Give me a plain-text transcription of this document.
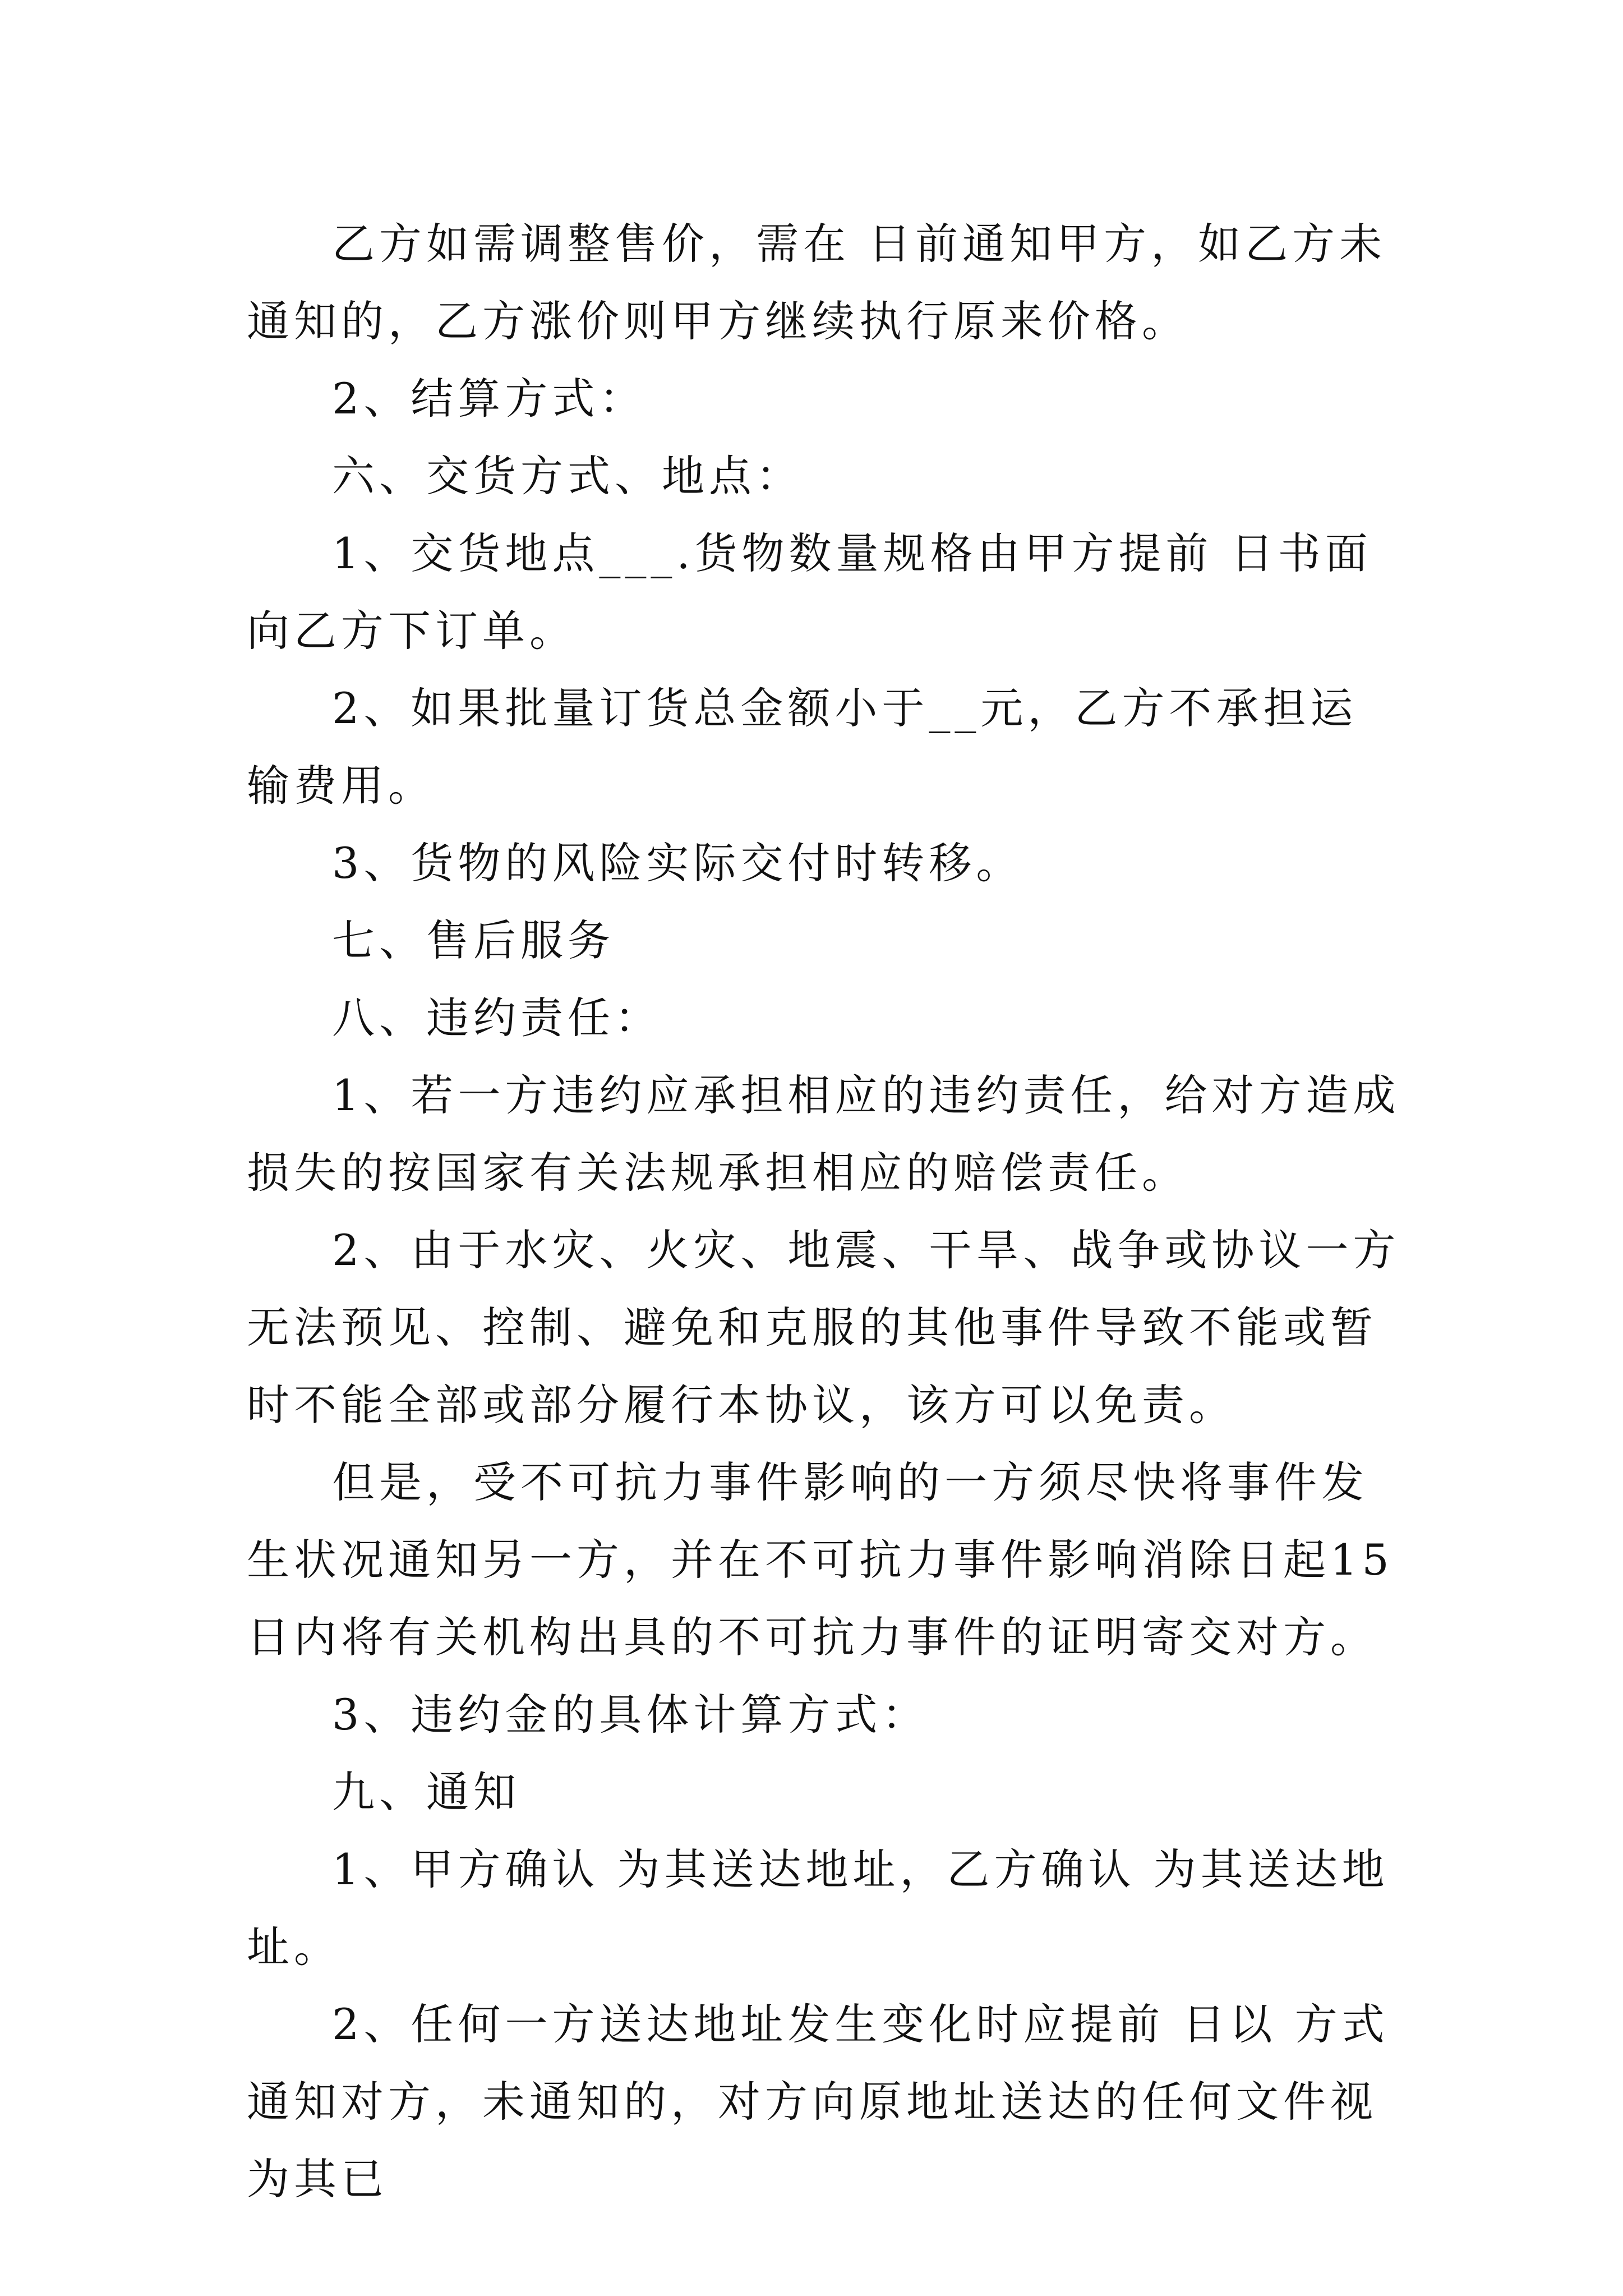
乙方如需调整售价，需在 日前通知甲方，如乙方未通知的，乙方涨价则甲方继续执行原来价格。

2、结算方式：

六、交货方式、地点：

1、交货地点___.货物数量规格由甲方提前 日书面向乙方下订单。

2、如果批量订货总金额小于__元，乙方不承担运输费用。

3、货物的风险实际交付时转移。

七、售后服务

八、违约责任：

1、若一方违约应承担相应的违约责任，给对方造成损失的按国家有关法规承担相应的赔偿责任。

2、由于水灾、火灾、地震、干旱、战争或协议一方无法预见、控制、避免和克服的其他事件导致不能或暂时不能全部或部分履行本协议，该方可以免责。

但是，受不可抗力事件影响的一方须尽快将事件发生状况通知另一方，并在不可抗力事件影响消除日起15日内将有关机构出具的不可抗力事件的证明寄交对方。

3、违约金的具体计算方式：

九、通知

1、甲方确认 为其送达地址，乙方确认 为其送达地址。

2、任何一方送达地址发生变化时应提前 日以 方式通知对方，未通知的，对方向原地址送达的任何文件视为其已
